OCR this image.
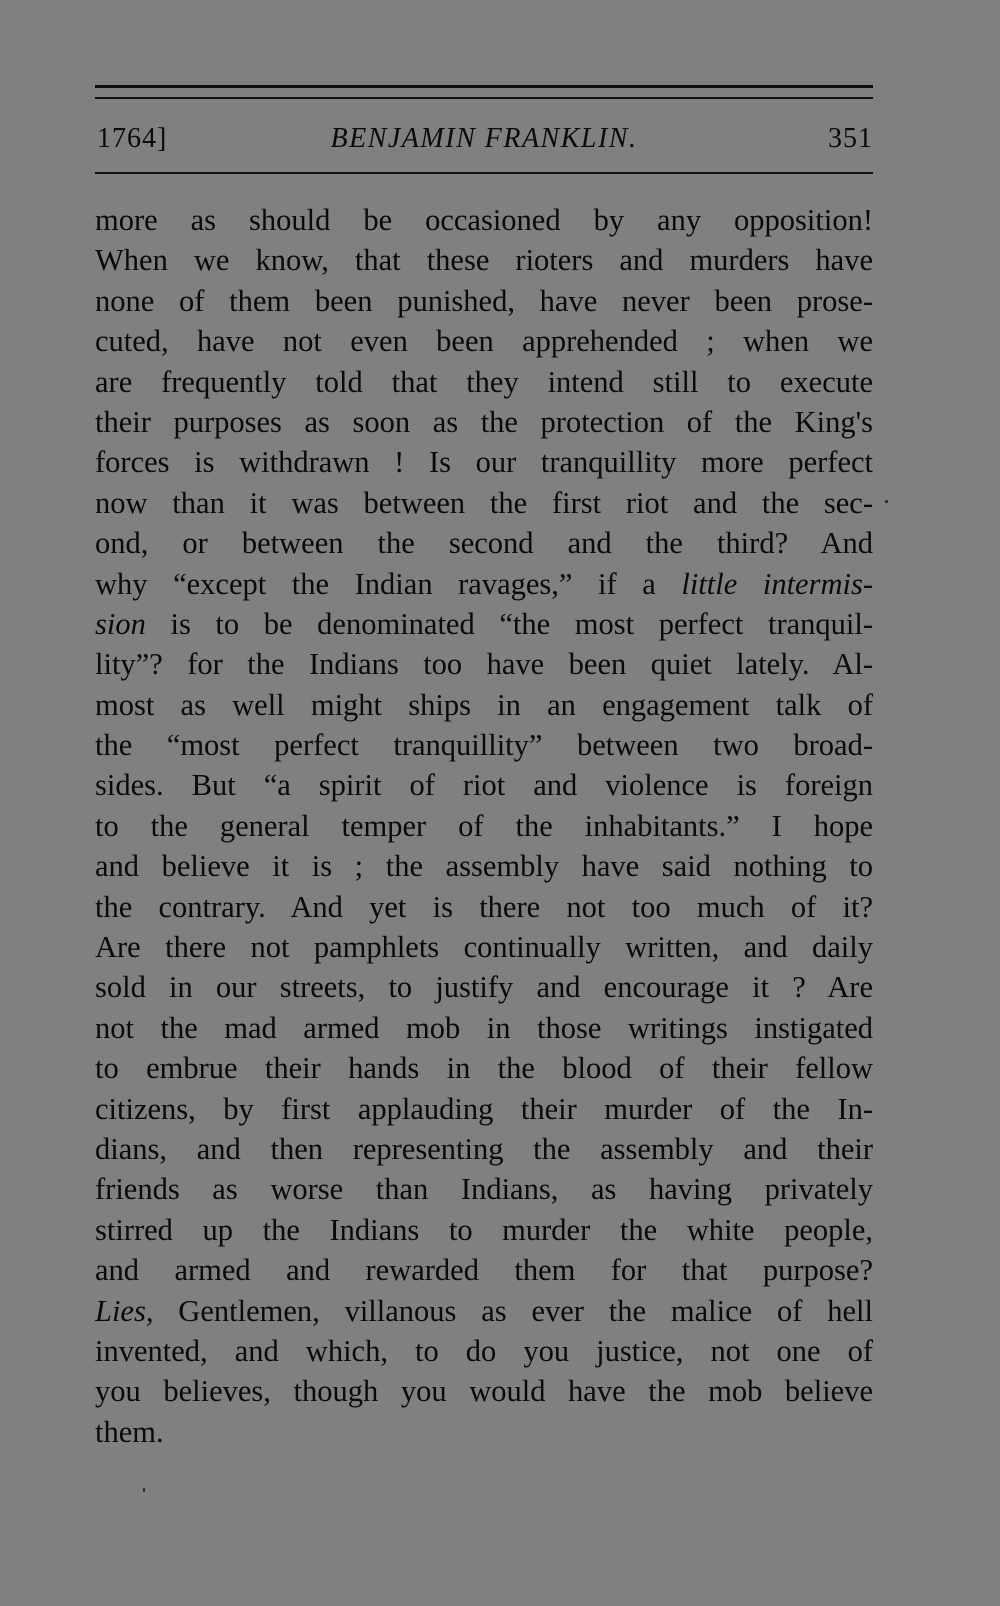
1764]	BENJAMIN FRANKLIN.	351
more as should be occasioned by any opposition!
When we know, that these rioters and murders have
none of them been punished, have never been prose-
cuted, have not even been apprehended ; when we
are frequently told that they intend still to execute
their purposes as soon as the protection of the King's
forces is withdrawn ! Is our tranquillity more perfect
now than it was between the first riot and the sec-
ond, or between the second and the third? And
why “except the Indian ravages,” if a little intermis-
sion is to be denominated “the most perfect tranquil-
lity”? for the Indians too have been quiet lately. Al-
most as well might ships in an engagement talk of
the “most perfect tranquillity” between two broad-
sides. But “a spirit of riot and violence is foreign
to the general temper of the inhabitants.” I hope
and believe it is ; the assembly have said nothing to
the contrary. And yet is there not too much of it?
Are there not pamphlets continually written, and daily
sold in our streets, to justify and encourage it ? Are
not the mad armed mob in those writings instigated
to embrue their hands in the blood of their fellow
citizens, by first applauding their murder of the In-
dians, and then representing the assembly and their
friends as worse than Indians, as having privately
stirred up the Indians to murder the white people,
and armed and rewarded them for that purpose?
Lies, Gentlemen, villanous as ever the malice of hell
invented, and which, to do you justice, not one of
you believes, though you would have the mob believe
them.
